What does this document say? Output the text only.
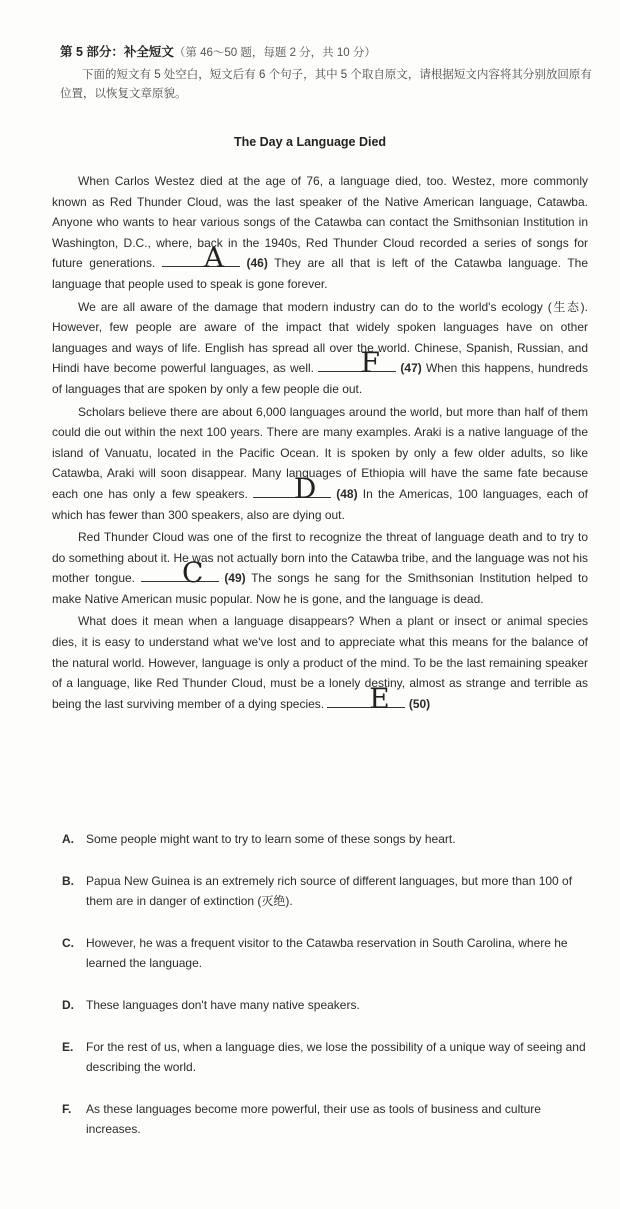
第 5 部分：补全短文（第 46～50 题，每题 2 分，共 10 分）
下面的短文有 5 处空白，短文后有 6 个句子，其中 5 个取自原文，请根据短文内容将其分别放回原有位置，以恢复文章原貌。
The Day a Language Died

When Carlos Westez died at the age of 76, a language died, too. Westez, more commonly known as Red Thunder Cloud, was the last speaker of the Native American language, Catawba. Anyone who wants to hear various songs of the Catawba can contact the Smithsonian Institution in Washington, D.C., where, back in the 1940s, Red Thunder Cloud recorded a series of songs for future generations.	A	(46) They are all that is left of the Catawba language. The language that people used to speak is gone forever.

We are all aware of the damage that modern industry can do to the world's ecology (生态). However, few people are aware of the impact that widely spoken languages have on other languages and ways of life. English has spread all over the world. Chinese, Spanish, Russian, and Hindi have become powerful languages, as well.	F	(47) When this happens, hundreds of languages that are spoken by only a few people die out.

Scholars believe there are about 6,000 languages around the world, but more than half of them could die out within the next 100 years. There are many examples. Araki is a native language of the island of Vanuatu, located in the Pacific Ocean. It is spoken by only a few older adults, so like Catawba, Araki will soon disappear. Many languages of Ethiopia will have the same fate because each one has only a few speakers.	D	(48) In the Americas, 100 languages, each of which has fewer than 300 speakers, also are dying out.

Red Thunder Cloud was one of the first to recognize the threat of language death and to try to do something about it. He was not actually born into the Catawba tribe, and the language was not his mother tongue.	C	(49) The songs he sang for the Smithsonian Institution helped to make Native American music popular. Now he is gone, and the language is dead.

What does it mean when a language disappears? When a plant or insect or animal species dies, it is easy to understand what we've lost and to appreciate what this means for the balance of the natural world. However, language is only a product of the mind. To be the last remaining speaker of a language, like Red Thunder Cloud, must be a lonely destiny, almost as strange and terrible as being the last surviving member of a dying species.	E	(50)

A. Some people might want to try to learn some of these songs by heart.
B. Papua New Guinea is an extremely rich source of different languages, but more than 100 of them are in danger of extinction (灭绝).
C. However, he was a frequent visitor to the Catawba reservation in South Carolina, where he learned the language.
D. These languages don't have many native speakers.
E. For the rest of us, when a language dies, we lose the possibility of a unique way of seeing and describing the world.
F. As these languages become more powerful, their use as tools of business and culture increases.
